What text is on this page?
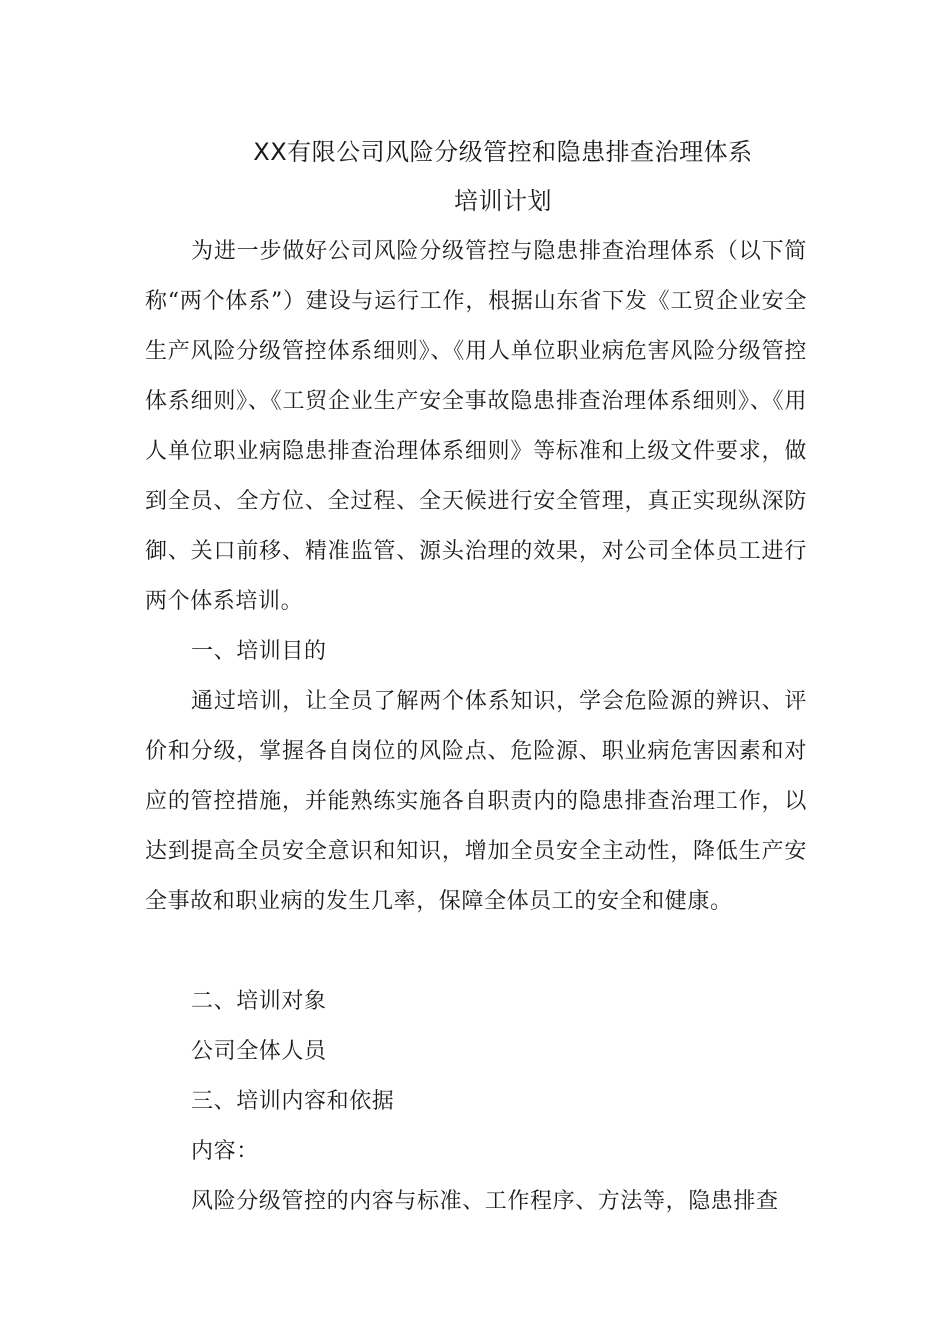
XX有限公司风险分级管控和隐患排查治理体系
培训计划
为进一步做好公司风险分级管控与隐患排查治理体系（以下简称“两个体系”）建设与运行工作，根据山东省下发《工贸企业安全生产风险分级管控体系细则》、《用人单位职业病危害风险分级管控体系细则》、《工贸企业生产安全事故隐患排查治理体系细则》、《用人单位职业病隐患排查治理体系细则》等标准和上级文件要求，做到全员、全方位、全过程、全天候进行安全管理，真正实现纵深防御、关口前移、精准监管、源头治理的效果，对公司全体员工进行两个体系培训。
一、培训目的
通过培训，让全员了解两个体系知识，学会危险源的辨识、评价和分级，掌握各自岗位的风险点、危险源、职业病危害因素和对应的管控措施，并能熟练实施各自职责内的隐患排查治理工作，以达到提高全员安全意识和知识，增加全员安全主动性，降低生产安全事故和职业病的发生几率，保障全体员工的安全和健康。
二、培训对象
公司全体人员
三、培训内容和依据
内容：
风险分级管控的内容与标准、工作程序、方法等，隐患排查
